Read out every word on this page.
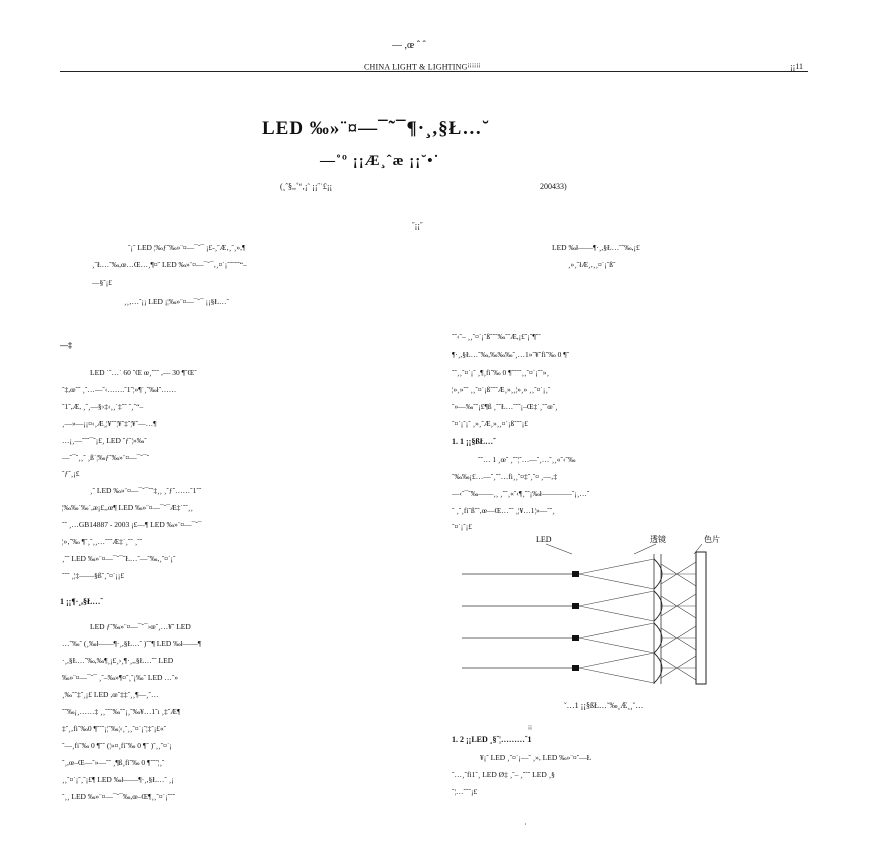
— ,œ ˆ ˆ
CHINA LIGHT & LIGHTING¡¡¡¡¡¡	¡¡11
LED ‰»¨¤—¯˜¯¶·¸,§Ł…˘
—˚º ¡¡Æ¸ˆæ ¡¡˘•˙
(¸ˆ§,,˚“‚¡˜ ¡¡˝˙£¡¡	200433)
˝¡¡˝
˘¡ˆ LED ¦‰ƒ˘‰»¨¤—¯˜¯ ¡£-¸˝Æ‚¸ˆ¸»,¶	LED ‰ł——¶·¸,§Ł…˝˜‰,¡£
¸˝Ł…˘‰,œ…Œ…¸¶¤˝ LED ‰»¨¤—¯˜¯‚¸¤˙¡ˆ˜˝˜˘“–	¸»¸˝łÆ¸‚¸¸¤˙¡˜ß˘
—§˘¡£
¸¸‚…˘¡¡ LED ¡¦‰»¨¤—¯˜¯ ¡¡§Ł…˘
—‡
LED ˙˘…˙ 60 ˘Œ œ¸˘˘ˆ ,— 30 ¶˘Œ˘
˘‡,œ˘˘ ¸˘…—˘‹…….˘1˘¦»¶˙¸˘‰ł˘……
˘1˘,Æ, ¸˘¸—§›‡‹¸¸˙‡˘˘ ˘¸˘“–
¸—»—¡¡¤‹¸Æ¸¦¥˘˘¦¥˘‡˘¦¥˘—…¶
…¡¸—˘˘˘¯˘¡£¸ LED ˘ƒ˘¦»‰˘
—˘¯˘¸¸˘ ¸ß˙¦‰ƒ˘‰»¨¤—¯˜¯˘
˘ƒ˘¸¡£
¸˘ LED ‰»¨¤—¯˜¯˘˘‡¸¸ ¸˘ƒ˘……˘1˘˘
¦‰‰˙‰˙,æ¡£,,œ¶ LED ‰»¨¤—¯˜¯Æ‡˙˘˘¸¸
˘˘ ¸…GB14887 - 2003 ¡£—¶ LED ‰»¨¤—¯˜¯
¦»‚˘‰ ¶˘¸˘¸¸…˘˘˘Æ‡˙¸˘˘ ¸˘˘
¸˘˘ LED ‰»¨¤—¯˜¯˝Ł…˘—˘‰,¸˘¤˙¡˘
˘˘˘ ¸¦‡——§ß˘¸˘¤˙¡¡£
1 ¡¡¶·¸,§Ł…˘
LED ƒ˘‰»¨¤—¯˜¯›œ˘¸…¥˘ LED
…˘‰˘ (¸‰ł——¶·¸,§Ł…˘ )˘˘¶ LED ‰ł——¶
·¸,§Ł…˘‰,‰¶¸¡£¸›¸¶·¸,,§Ł…˘˘ LED
‰»¨¤—¯˜¯ ¸˘–‰»¶¤˘¸˘¡‰˘ LED …˘»
¸‰˘˘‡˘¸¡£ LED ,œ˘‡‡˘¸¸¶—¸˘…
˘˘‰¡¸……‡ ¸¸˘˘˘‰˘˘¡¸˘‰¥…1˘ı ¸‡˘Æ¶
‡˘¸‚fi˘‰0 ¶˘˘˘¡¦˘‰¦‹¸˘¸¸˘¤˙¡˘¦‡˘¡£«˘
˘—¸fi˘‰ 0 ¶˘˘ (¦»¤¸fi˘‰ 0 ¶˘ )˘¸¸˘¤˙¡
˘¸,œ–Œ—˘»—˘˘ ¸¶ß¸fi˘‰ 0 ¶˘˘˘¦¸˘
¸¸˘¤˙¡˘¸˘¡£¶ LED ‰ł——¶·¸,§Ł…˘ ¸¡
˘¸¸ LED ‰»¨¤—¯˜¯‰,œ–Œ¶¸¸˘¤˙¡˘˘˘
˘˘‹˘– ¸¸˘¤˙¡˘ß˘˘˘‰˘˝Æ,¡£˘¡˘¶˘˘
¶·¸,§Ł…˘‰,‰‰‰˘¸…1»˘¥˘fi˘‰ 0 ¶˘
˘˘¸¸˘¤˙¡˘ ¸¶¸fi˘‰ 0 ¶˘˘˘˘¸¸˘¤˙¡˘˘»¸
¦»¸»˘˘ ¸¸˘¤˙¡ß˘˘˘Æ¸»¸¸¦»¸» ¸¸˘¤˙¡¸˘
˘»—‰˘˘¡£¶ß ¸˘˘Ł…˘˘˘¡–Œ‡˙¸˘˘œ˘¸
˘¤˙¡˘¡˘ ¸»¸˘Æ¸»¸¸¤˙¡ß˘˘˘¡£
1. 1 ¡¡§ßŁ…˘
˘˘… 1 ¸œ˘ ¸˘˘¦˘…—˘¸…˘¸¸«˘‹˘‰
˘‰‰¡£…—˘¸˘˘…fi¸¸˘¤‡˘¸˘¤ ¸—‚‡
—‹˘¯˘‰——¸¸ ¸˘˘¸«˘‹¶¸˘˘¡‰ł————˘¡¸…˘
˘ ¸˘¸fi˘ß˘˘,œ—Œ…˘˘ ¸¦¥…1¦»—˘˘¸
˘¤˙¡˘¡£
1. 2 ¡¡LED ¸§˘¦………˘1
¥¡˘ LED ¸˘¤˙¡—˘ ¸», LED ‰»¨¤˘—Ł
˘…¸˘fi1˘¸ LED Ø‡ ¸˘– ¸˘˘˘ LED ¸§
˘¦…˘˘˘¡£
LED	透镜	色片
˘…1 ¡¡§ßŁ…˘‰¸Æ¸¸˘…
¡¡
·
